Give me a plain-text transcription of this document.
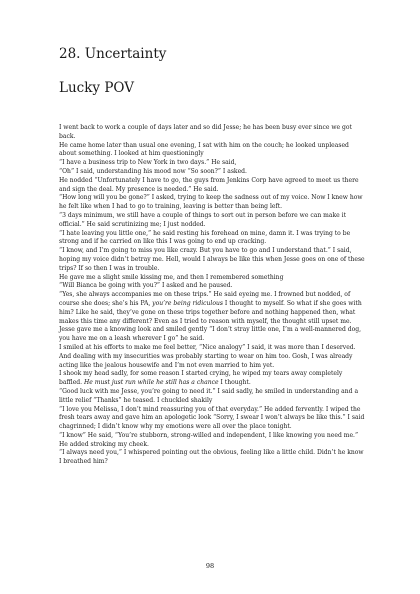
28. Uncertainty
Lucky POV

I went back to work a couple of days later and so did Jesse; he has been busy ever since we got back.

He came home later than usual one evening, I sat with him on the couch; he looked unpleased about something. I looked at him questioningly

“I have a business trip to New York in two days.” He said,

“Oh” I said, understanding his mood now “So soon?” I asked.

He nodded “Unfortunately I have to go, the guys from Jenkins Corp have agreed to meet us there and sign the deal. My presence is needed.” He said.

“How long will you be gone?” I asked, trying to keep the sadness out of my voice. Now I knew how he felt like when I had to go to training, leaving is better than being left.

“3 days minimum, we still have a couple of things to sort out in person before we can make it official.” He said scrutinizing me; I just nodded.

“I hate leaving you little one,” he said resting his forehead on mine, damn it. I was trying to be strong and if he carried on like this I was going to end up cracking.

“I know, and I’m going to miss you like crazy. But you have to go and I understand that.” I said, hoping my voice didn’t betray me. Hell, would I always be like this when Jesse goes on one of these trips? If so then I was in trouble.

He gave me a slight smile kissing me, and then I remembered something

“Will Bianca be going with you?” I asked and he paused.

“Yes, she always accompanies me on these trips.” He said eyeing me. I frowned but nodded, of course she does; she’s his PA, you’re being ridiculous I thought to myself. So what if she goes with him? Like he said, they’ve gone on these trips together before and nothing happened then, what makes this time any different? Even as I tried to reason with myself, the thought still upset me.

Jesse gave me a knowing look and smiled gently “I don’t stray little one, I’m a well-mannered dog, you have me on a leash wherever I go” he said.

I smiled at his efforts to make me feel better, “Nice analogy” I said, it was more than I deserved. And dealing with my insecurities was probably starting to wear on him too. Gosh, I was already acting like the jealous housewife and I’m not even married to him yet.

I shook my head sadly, for some reason I started crying, he wiped my tears away completely baffled. He must just run while he still has a chance I thought.

“Good luck with me Jesse, you’re going to need it.” I said sadly, he smiled in understanding and a little relief “Thanks” he teased. I chuckled shakily

“I love you Melissa, I don’t mind reassuring you of that everyday.” He added fervently. I wiped the fresh tears away and gave him an apologetic look “Sorry, I swear I won’t always be like this.” I said chagrinned; I didn’t know why my emotions were all over the place tonight.

“I know” He said, “You’re stubborn, strong-willed and independent, I like knowing you need me.” He added stroking my cheek.

“I always need you,” I whispered pointing out the obvious, feeling like a little child. Didn’t he know I breathed him?

98
